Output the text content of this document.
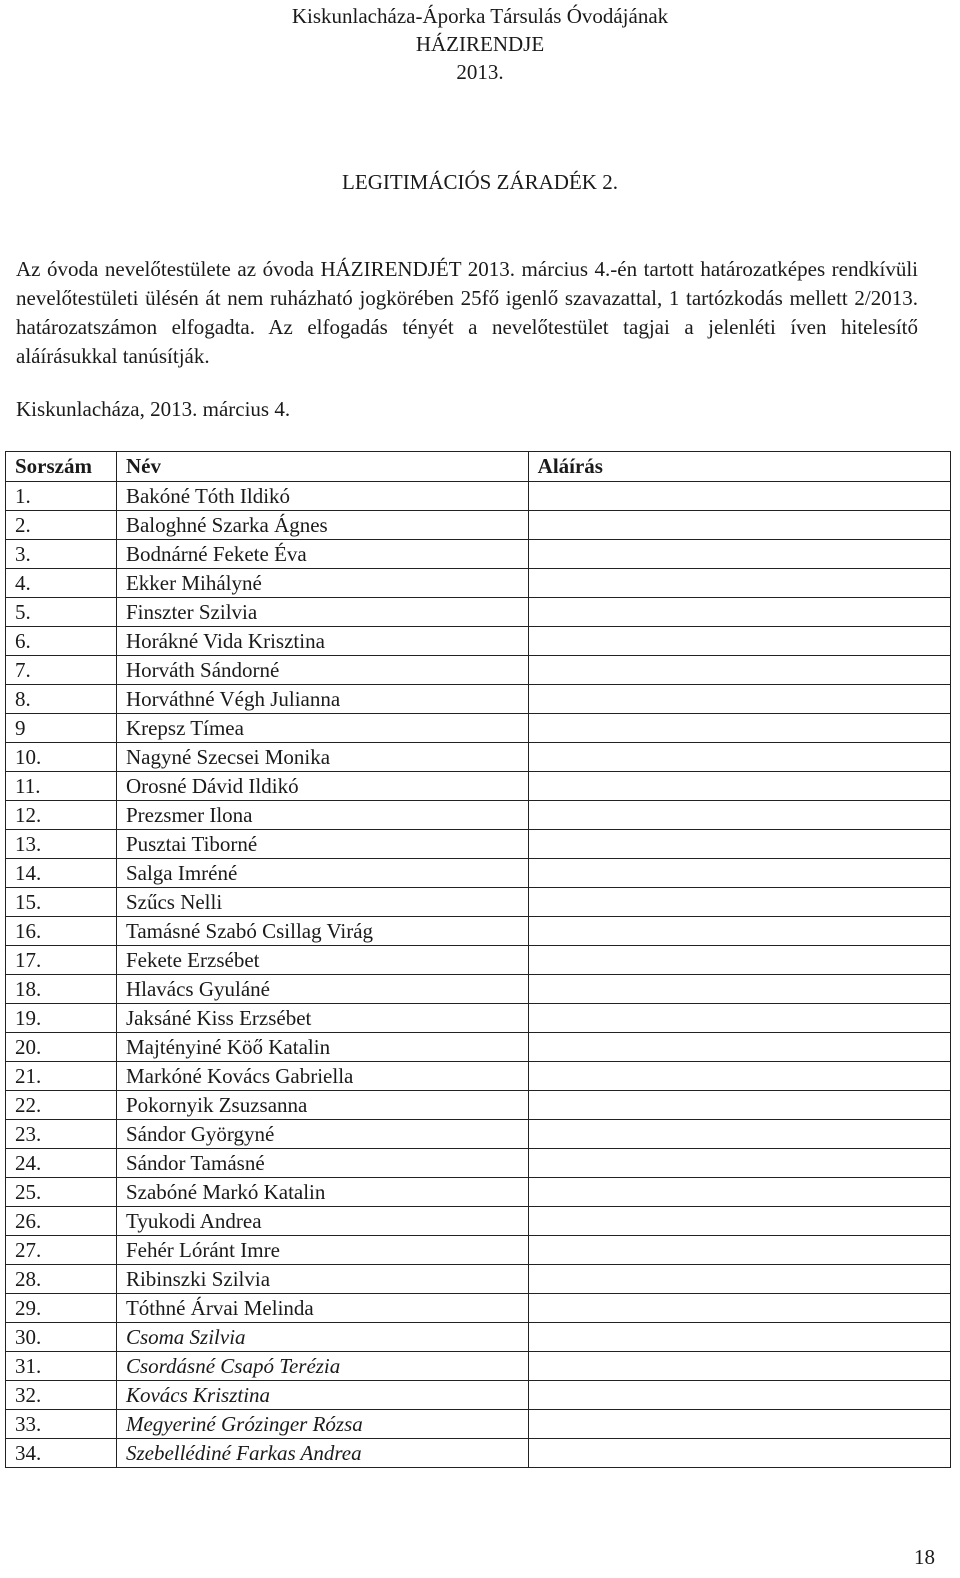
Kiskunlacháza-Áporka Társulás Óvodájának
HÁZIRENDJE
2013.
LEGITIMÁCIÓS ZÁRADÉK 2.
Az óvoda nevelőtestülete az óvoda HÁZIRENDJÉT 2013. március 4.-én tartott határozatképes rendkívüli nevelőtestületi ülésén át nem ruházható jogkörében 25fő igenlő szavazattal, 1 tartózkodás mellett 2/2013. határozatszámon elfogadta. Az elfogadás tényét a nevelőtestület tagjai a jelenléti íven hitelesítő aláírásukkal tanúsítják.
Kiskunlacháza, 2013. március 4.
Sorszám	Név	Aláírás
1.	Bakóné Tóth Ildikó	
2.	Baloghné Szarka Ágnes	
3.	Bodnárné Fekete Éva	
4.	Ekker Mihályné	
5.	Finszter Szilvia	
6.	Horákné Vida Krisztina	
7.	Horváth Sándorné	
8.	Horváthné Végh Julianna	
9	Krepsz Tímea	
10.	Nagyné Szecsei Monika	
11.	Orosné Dávid Ildikó	
12.	Prezsmer Ilona	
13.	Pusztai Tiborné	
14.	Salga Imréné	
15.	Szűcs Nelli	
16.	Tamásné Szabó Csillag Virág	
17.	Fekete Erzsébet	
18.	Hlavács Gyuláné	
19.	Jaksáné Kiss Erzsébet	
20.	Majtényiné Köő Katalin	
21.	Markóné Kovács Gabriella	
22.	Pokornyik Zsuzsanna	
23.	Sándor Györgyné	
24.	Sándor Tamásné	
25.	Szabóné Markó Katalin	
26.	Tyukodi Andrea	
27.	Fehér Lóránt Imre	
28.	Ribinszki Szilvia	
29.	Tóthné Árvai Melinda	
30.	Csoma Szilvia	
31.	Csordásné Csapó Terézia	
32.	Kovács Krisztina	
33.	Megyeriné Grózinger Rózsa	
34.	Szebellédiné Farkas Andrea	
18
